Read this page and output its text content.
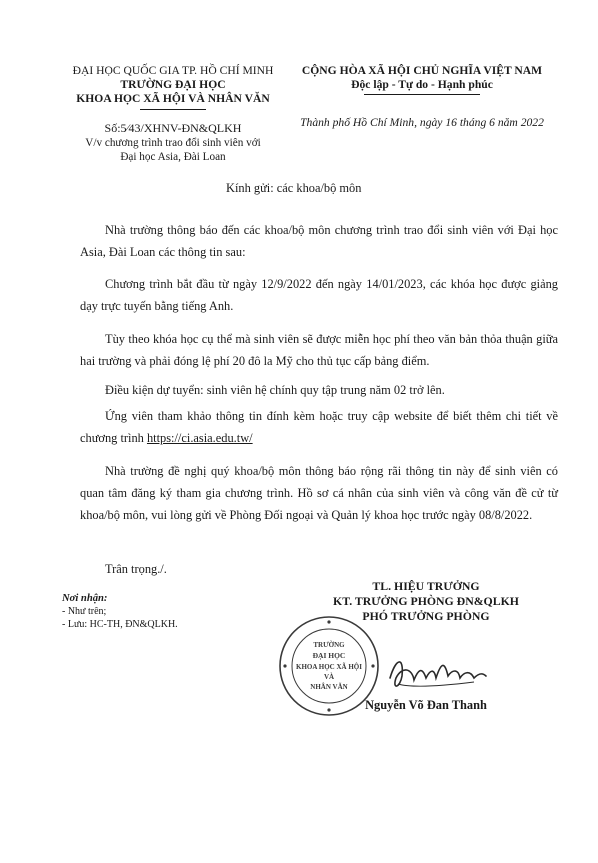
ĐẠI HỌC QUỐC GIA TP. HỒ CHÍ MINH
TRƯỜNG ĐẠI HỌC
KHOA HỌC XÃ HỘI VÀ NHÂN VĂN
Số:5⁄43/XHNV-ĐN&QLKH
V/v chương trình trao đổi sinh viên với
Đại học Asia, Đài Loan
CỘNG HÒA XÃ HỘI CHỦ NGHĨA VIỆT NAM
Độc lập - Tự do - Hạnh phúc
Thành phố Hồ Chí Minh, ngày 16 tháng 6 năm 2022
Kính gửi: các khoa/bộ môn
Nhà trường thông báo đến các khoa/bộ môn chương trình trao đổi sinh viên với Đại học Asia, Đài Loan các thông tin sau:
Chương trình bắt đầu từ ngày 12/9/2022 đến ngày 14/01/2023, các khóa học được giảng dạy trực tuyến bằng tiếng Anh.
Tùy theo khóa học cụ thể mà sinh viên sẽ được miễn học phí theo văn bản thỏa thuận giữa hai trường và phải đóng lệ phí 20 đô la Mỹ cho thủ tục cấp bảng điểm.
Điều kiện dự tuyển: sinh viên hệ chính quy tập trung năm 02 trở lên.
Ứng viên tham khảo thông tin đính kèm hoặc truy cập website để biết thêm chi tiết về chương trình https://ci.asia.edu.tw/
Nhà trường đề nghị quý khoa/bộ môn thông báo rộng rãi thông tin này để sinh viên có quan tâm đăng ký tham gia chương trình. Hồ sơ cá nhân của sinh viên và công văn đề cử từ khoa/bộ môn, vui lòng gửi về Phòng Đối ngoại và Quản lý khoa học trước ngày 08/8/2022.
Trân trọng./.
Nơi nhận:
- Như trên;
- Lưu: HC-TH, ĐN&QLKH.
TRƯỜNG
ĐẠI HỌC
KHOA HỌC XÃ HỘI
VÀ
NHÂN VĂN
TL. HIỆU TRƯỞNG
KT. TRƯỞNG PHÒNG ĐN&QLKH
PHÓ TRƯỞNG PHÒNG
Nguyễn Võ Đan Thanh
